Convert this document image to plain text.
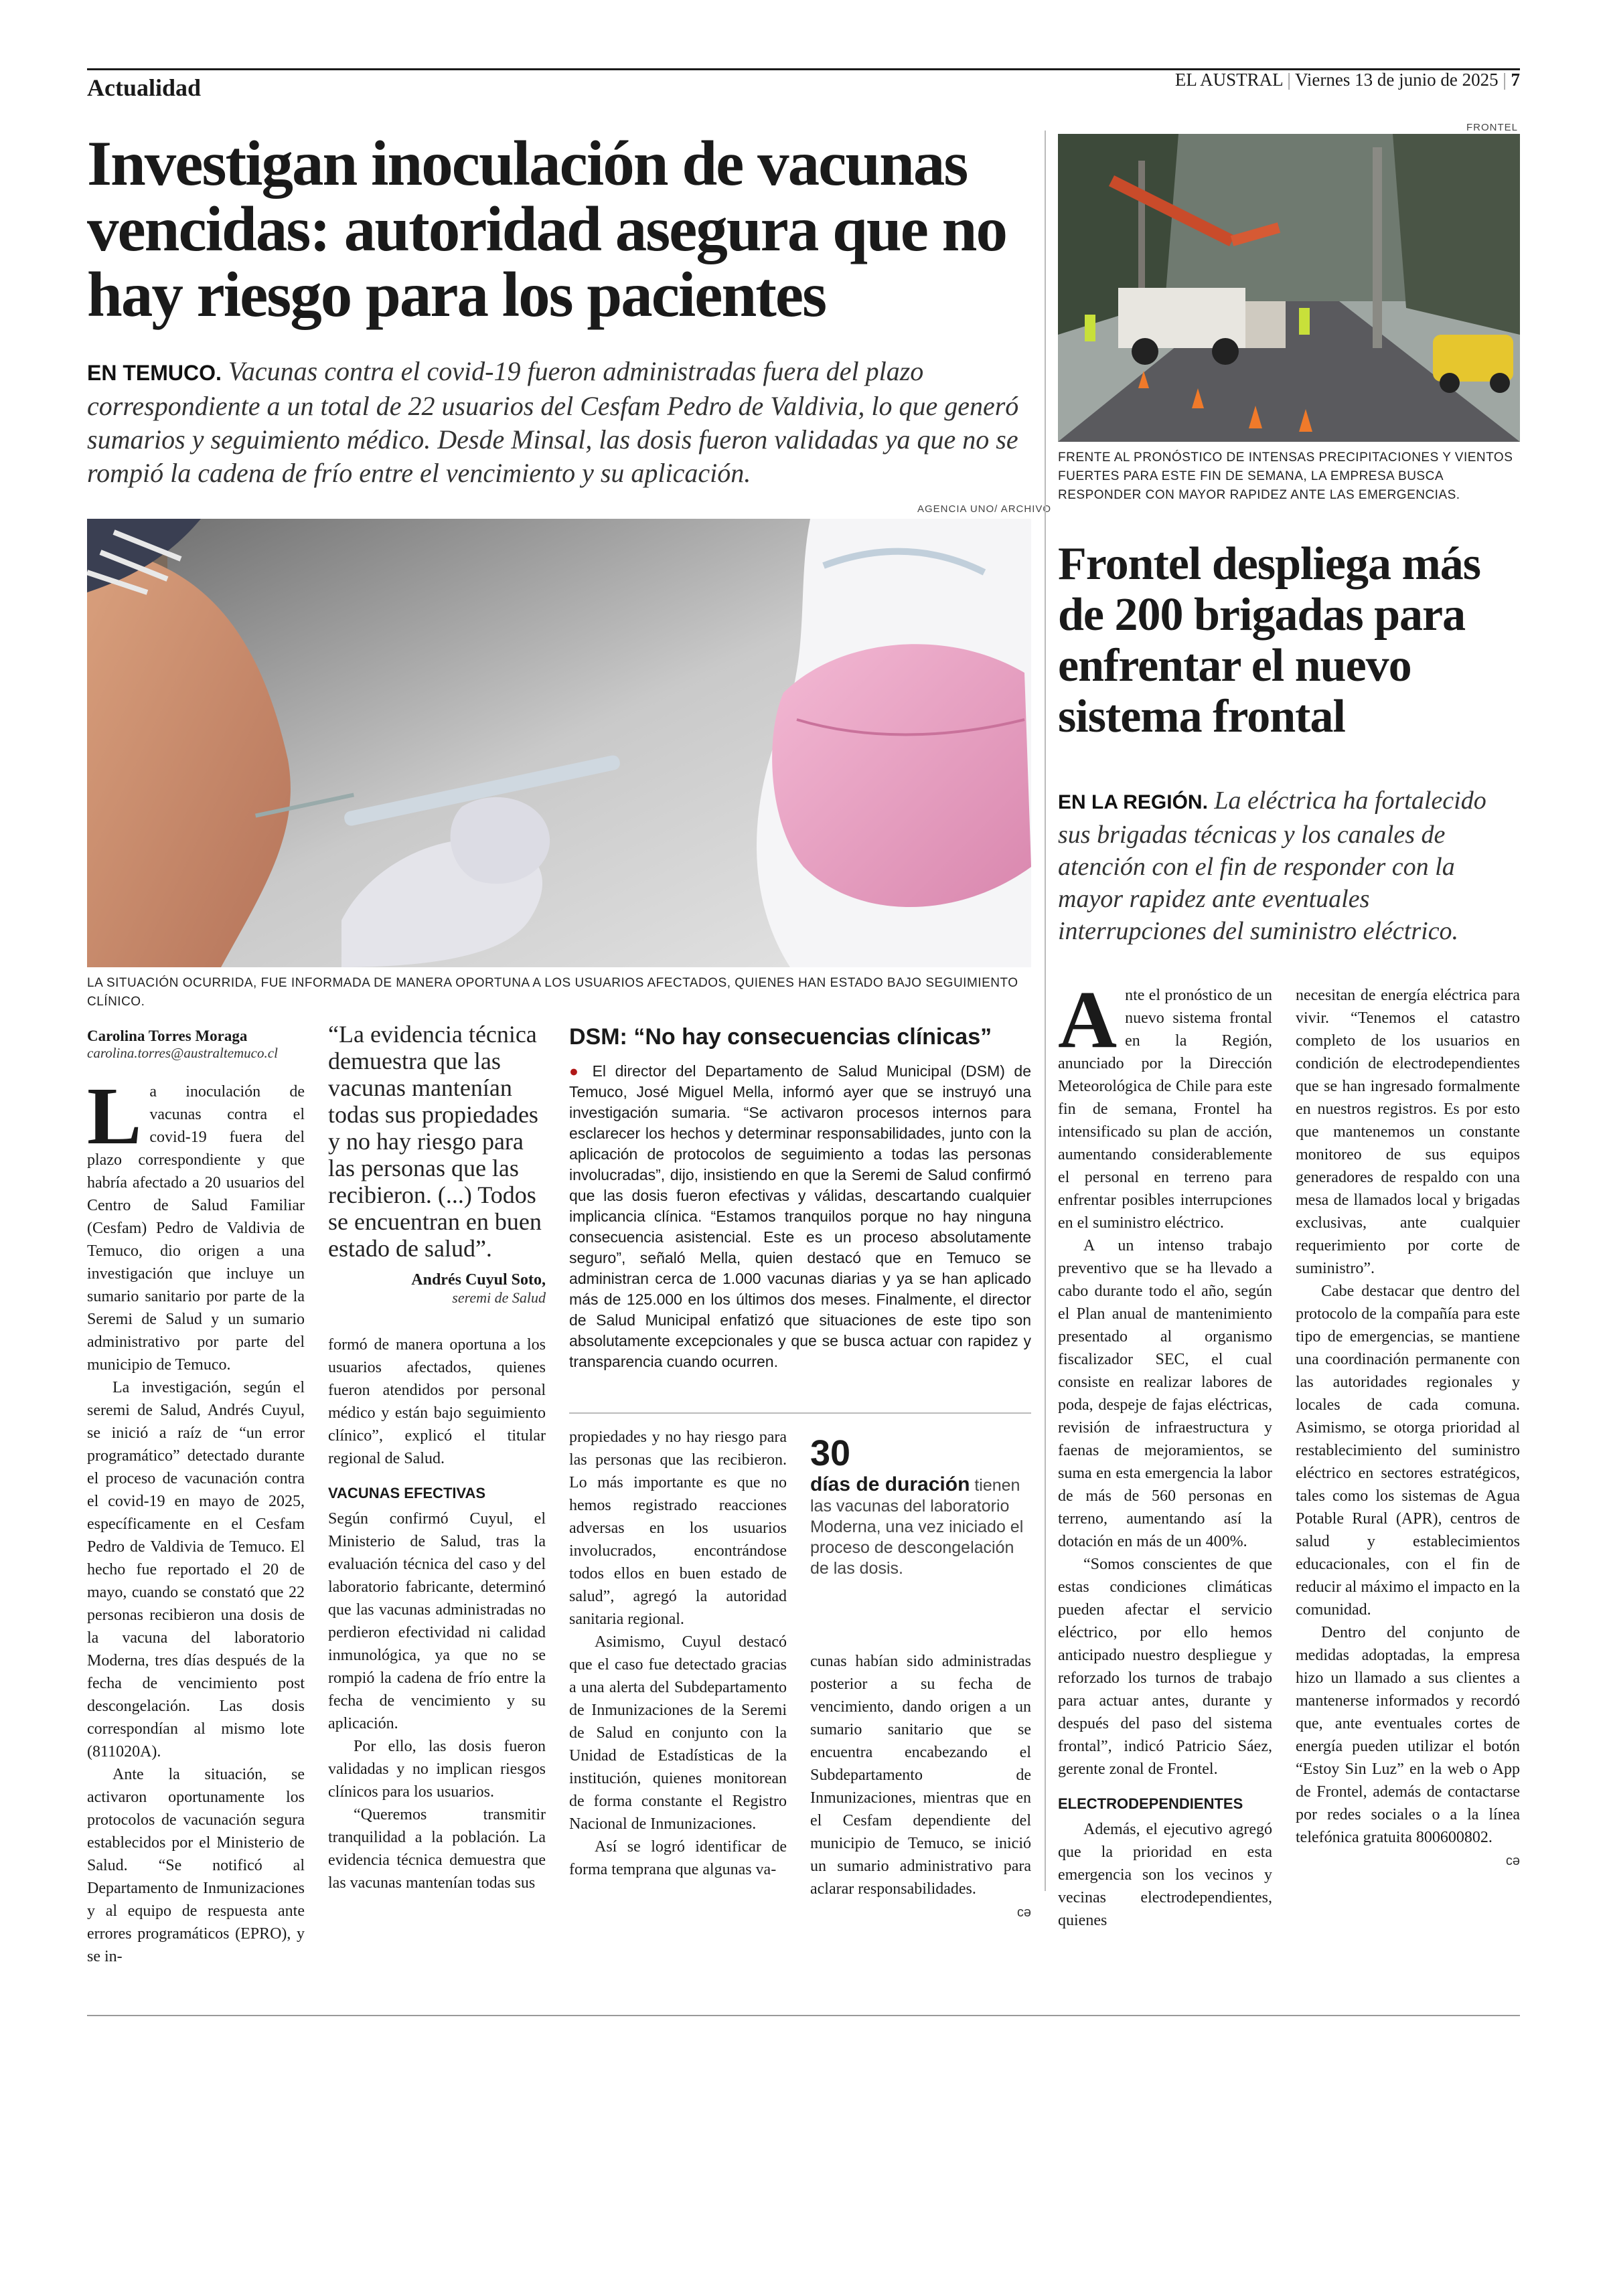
Actualidad	EL AUSTRAL | Viernes 13 de junio de 2025 | 7
Investigan inoculación de vacunas vencidas: autoridad asegura que no hay riesgo para los pacientes
EN TEMUCO. Vacunas contra el covid-19 fueron administradas fuera del plazo correspondiente a un total de 22 usuarios del Cesfam Pedro de Valdivia, lo que generó sumarios y seguimiento médico. Desde Minsal, las dosis fueron validadas ya que no se rompió la cadena de frío entre el vencimiento y su aplicación.
AGENCIA UNO/ ARCHIVO
LA SITUACIÓN OCURRIDA, FUE INFORMADA DE MANERA OPORTUNA A LOS USUARIOS AFECTADOS, QUIENES HAN ESTADO BAJO SEGUIMIENTO CLÍNICO.
Carolina Torres Moraga
carolina.torres@australtemuco.cl

La inoculación de vacunas contra el covid-19 fuera del plazo correspondiente y que habría afectado a 20 usuarios del Centro de Salud Familiar (Cesfam) Pedro de Valdivia de Temuco, dio origen a una investigación que incluye un sumario sanitario por parte de la Seremi de Salud y un sumario administrativo por parte del municipio de Temuco.

La investigación, según el seremi de Salud, Andrés Cuyul, se inició a raíz de “un error programático” detectado durante el proceso de vacunación contra el covid-19 en mayo de 2025, específicamente en el Cesfam Pedro de Valdivia de Temuco. El hecho fue reportado el 20 de mayo, cuando se constató que 22 personas recibieron una dosis de la vacuna del laboratorio Moderna, tres días después de la fecha de vencimiento post descongelación. Las dosis correspondían al mismo lote (811020A).

Ante la situación, se activaron oportunamente los protocolos de vacunación segura establecidos por el Ministerio de Salud. “Se notificó al Departamento de Inmunizaciones y al equipo de respuesta ante errores programáticos (EPRO), y se in-

“La evidencia técnica demuestra que las vacunas mantenían todas sus propiedades y no hay riesgo para las personas que las recibieron. (...) Todos se encuentran en buen estado de salud”.
Andrés Cuyul Soto,
seremi de Salud

formó de manera oportuna a los usuarios afectados, quienes fueron atendidos por personal médico y están bajo seguimiento clínico”, explicó el titular regional de Salud.

VACUNAS EFECTIVAS

Según confirmó Cuyul, el Ministerio de Salud, tras la evaluación técnica del caso y del laboratorio fabricante, determinó que las vacunas administradas no perdieron efectividad ni calidad inmunológica, ya que no se rompió la cadena de frío entre la fecha de vencimiento y su aplicación.

Por ello, las dosis fueron validadas y no implican riesgos clínicos para los usuarios.

“Queremos transmitir tranquilidad a la población. La evidencia técnica demuestra que las vacunas mantenían todas sus

DSM: “No hay consecuencias clínicas”
● El director del Departamento de Salud Municipal (DSM) de Temuco, José Miguel Mella, informó ayer que se instruyó una investigación sumaria. “Se activaron procesos internos para esclarecer los hechos y determinar responsabilidades, junto con la aplicación de protocolos de seguimiento a todas las personas involucradas”, dijo, insistiendo en que la Seremi de Salud confirmó que las dosis fueron efectivas y válidas, descartando cualquier implicancia clínica. “Estamos tranquilos porque no hay ninguna consecuencia asistencial. Este es un proceso absolutamente seguro”, señaló Mella, quien destacó que en Temuco se administran cerca de 1.000 vacunas diarias y ya se han aplicado más de 125.000 en los últimos dos meses. Finalmente, el director de Salud Municipal enfatizó que situaciones de este tipo son absolutamente excepcionales y que se busca actuar con rapidez y transparencia cuando ocurren.

propiedades y no hay riesgo para las personas que las recibieron. Lo más importante es que no hemos registrado reacciones adversas en los usuarios involucrados, encontrándose todos ellos en buen estado de salud”, agregó la autoridad sanitaria regional.

Asimismo, Cuyul destacó que el caso fue detectado gracias a una alerta del Subdepartamento de Inmunizaciones de la Seremi de Salud en conjunto con la Unidad de Estadísticas de la institución, quienes monitorean de forma constante el Registro Nacional de Inmunizaciones.

Así se logró identificar de forma temprana que algunas va-

30
días de duración tienen las vacunas del laboratorio Moderna, una vez iniciado el proceso de descongelación de las dosis.

cunas habían sido administradas posterior a su fecha de vencimiento, dando origen a un sumario sanitario que se encuentra encabezando el Subdepartamento de Inmunizaciones, mientras que en el Cesfam dependiente del municipio de Temuco, se inició un sumario administrativo para aclarar responsabilidades.

cə
FRONTEL
FRENTE AL PRONÓSTICO DE INTENSAS PRECIPITACIONES Y VIENTOS FUERTES PARA ESTE FIN DE SEMANA, LA EMPRESA BUSCA RESPONDER CON MAYOR RAPIDEZ ANTE LAS EMERGENCIAS.
Frontel despliega más de 200 brigadas para enfrentar el nuevo sistema frontal
EN LA REGIÓN. La eléctrica ha fortalecido sus brigadas técnicas y los canales de atención con el fin de responder con la mayor rapidez ante eventuales interrupciones del suministro eléctrico.

Ante el pronóstico de un nuevo sistema frontal en la Región, anunciado por la Dirección Meteorológica de Chile para este fin de semana, Frontel ha intensificado su plan de acción, aumentando considerablemente el personal en terreno para enfrentar posibles interrupciones en el suministro eléctrico.

A un intenso trabajo preventivo que se ha llevado a cabo durante todo el año, según el Plan anual de mantenimiento presentado al organismo fiscalizador SEC, el cual consiste en realizar labores de poda, despeje de fajas eléctricas, revisión de infraestructura y faenas de mejoramientos, se suma en esta emergencia la labor de más de 560 personas en terreno, aumentando así la dotación en más de un 400%.

“Somos conscientes de que estas condiciones climáticas pueden afectar el servicio eléctrico, por ello hemos anticipado nuestro despliegue y reforzado los turnos de trabajo para actuar antes, durante y después del paso del sistema frontal”, indicó Patricio Sáez, gerente zonal de Frontel.

ELECTRODEPENDIENTES

Además, el ejecutivo agregó que la prioridad en esta emergencia son los vecinos y vecinas electrodependientes, quienes

necesitan de energía eléctrica para vivir. “Tenemos el catastro completo de los usuarios en condición de electrodependientes que se han ingresado formalmente en nuestros registros. Es por esto que mantenemos un constante monitoreo de sus equipos generadores de respaldo con una mesa de llamados local y brigadas exclusivas, ante cualquier requerimiento por corte de suministro”.

Cabe destacar que dentro del protocolo de la compañía para este tipo de emergencias, se mantiene una coordinación permanente con las autoridades regionales y locales de cada comuna. Asimismo, se otorga prioridad al restablecimiento del suministro eléctrico en sectores estratégicos, tales como los sistemas de Agua Potable Rural (APR), centros de salud y establecimientos educacionales, con el fin de reducir al máximo el impacto en la comunidad.

Dentro del conjunto de medidas adoptadas, la empresa hizo un llamado a sus clientes a mantenerse informados y recordó que, ante eventuales cortes de energía pueden utilizar el botón “Estoy Sin Luz” en la web o App de Frontel, además de contactarse por redes sociales o a la línea telefónica gratuita 800600802.

cə
